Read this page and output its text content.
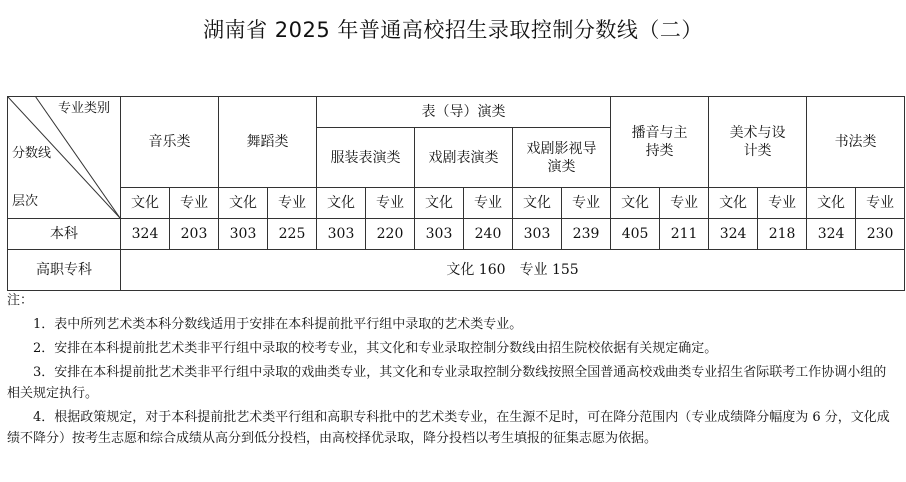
湖南省 2025 年普通高校招生录取控制分数线（二）
专业类别
分数线
层次	音乐类		舞蹈类		表（导）演类						播音与主持类		美术与设计类		书法类	
					服装表演类		戏剧表演类		戏剧影视导演类							

	文化	专业	文化	专业	文化	专业	文化	专业	文化	专业	文化	专业	文化	专业	文化	专业
本科	324	203	303	225	303	220	303	240	303	239	405	211	324	218	324	230
高职专科	文化 160　专业 155															

注：

1．表中所列艺术类本科分数线适用于安排在本科提前批平行组中录取的艺术类专业。

2．安排在本科提前批艺术类非平行组中录取的校考专业，其文化和专业录取控制分数线由招生院校依据有关规定确定。

3．安排在本科提前批艺术类非平行组中录取的戏曲类专业，其文化和专业录取控制分数线按照全国普通高校戏曲类专业招生省际联考工作协调小组的相关规定执行。

4．根据政策规定，对于本科提前批艺术类平行组和高职专科批中的艺术类专业，在生源不足时，可在降分范围内（专业成绩降分幅度为 6 分，文化成绩不降分）按考生志愿和综合成绩从高分到低分投档，由高校择优录取，降分投档以考生填报的征集志愿为依据。
